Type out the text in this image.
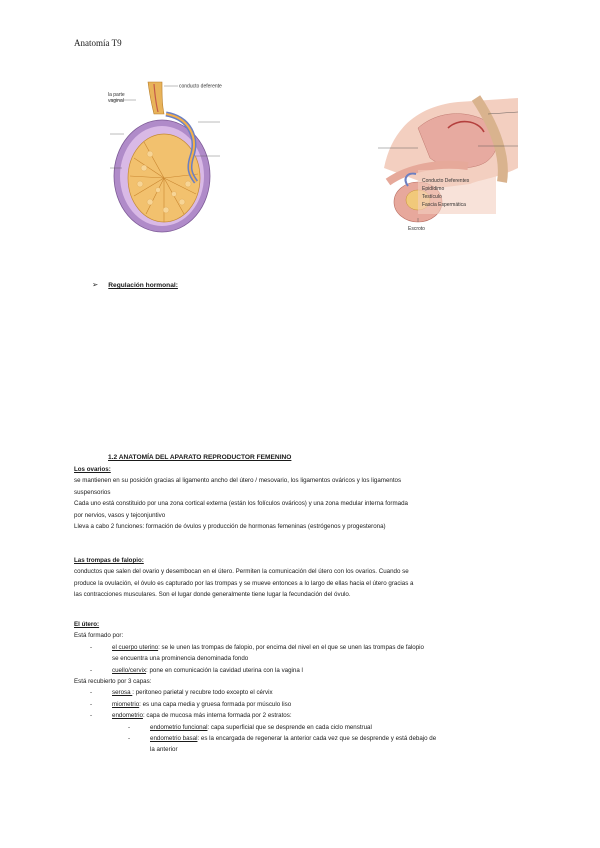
Anatomía T9
conducto deferente
la parte
vaginal
Conducto Deferentes
Epidídimo
Testículo
Fascia Espermática
Escroto
➢ Regulación hormonal:
1.2 ANATOMÍA DEL APARATO REPRODUCTOR FEMENINO
Los ovarios:
se mantienen en su posición gracias al ligamento ancho del útero / mesovario, los ligamentos ováricos y los ligamentos
suspensorios
Cada uno está constituido por una zona cortical externa (están los folículos ováricos) y una zona medular interna formada
por nervios, vasos y tejconjuntivo
Lleva a cabo 2 funciones: formación de óvulos y producción de hormonas femeninas (estrógenos y progesterona)
Las trompas de falopio:
conductos que salen del ovario y desembocan en el útero. Permiten la comunicación del útero con los ovarios. Cuando se
produce la ovulación, el óvulo es capturado por las trompas y se mueve entonces a lo largo de ellas hacia el útero gracias a
las contracciones musculares. Son el lugar donde generalmente tiene lugar la fecundación del óvulo.
El útero:
Está formado por:
-	el cuerpo uterino: se le unen las trompas de falopio, por encima del nivel en el que se unen las trompas de falopio
se encuentra una prominencia denominada fondo
-	cuello/cervix: pone en comunicación la cavidad uterina con la vagina l
Está recubierto por 3 capas:
-	serosa : peritoneo parietal y recubre todo excepto el cérvix
-	miometrio: es una capa media y gruesa formada por músculo liso
-	endometrio: capa de mucosa más interna formada por 2 estratos:
-	endometrio funcional: capa superficial que se desprende en cada ciclo menstrual
-	endometrio basal: es la encargada de regenerar la anterior cada vez que se desprende y está debajo de
la anterior
